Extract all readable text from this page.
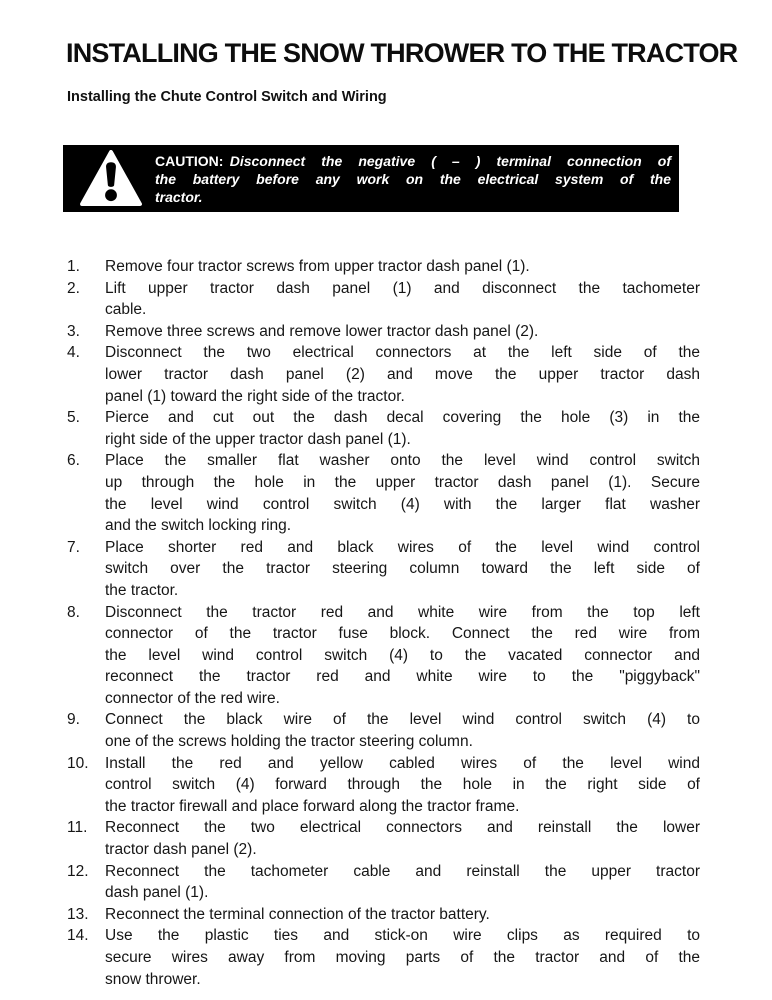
INSTALLING THE SNOW THROWER TO THE TRACTOR
Installing the Chute Control Switch and Wiring
CAUTION: Disconnect the negative ( – ) terminal connection of
the battery before any work on the electrical system of the
tractor.
1.	Remove four tractor screws from upper tractor dash panel (1).
2.	Lift upper tractor dash panel (1) and disconnect the tachometer
cable.
3.	Remove three screws and remove lower tractor dash panel (2).
4.	Disconnect the two electrical connectors at the left side of the
lower tractor dash panel (2) and move the upper tractor dash
panel (1) toward the right side of the tractor.
5.	Pierce and cut out the dash decal covering the hole (3) in the
right side of the upper tractor dash panel (1).
6.	Place the smaller flat washer onto the level wind control switch
up through the hole in the upper tractor dash panel (1). Secure
the level wind control switch (4) with the larger flat washer
and the switch locking ring.
7.	Place shorter red and black wires of the level wind control
switch over the tractor steering column toward the left side of
the tractor.
8.	Disconnect the tractor red and white wire from the top left
connector of the tractor fuse block. Connect the red wire from
the level wind control switch (4) to the vacated connector and
reconnect the tractor red and white wire to the "piggyback"
connector of the red wire.
9.	Connect the black wire of the level wind control switch (4) to
one of the screws holding the tractor steering column.
10.	Install the red and yellow cabled wires of the level wind
control switch (4) forward through the hole in the right side of
the tractor firewall and place forward along the tractor frame.
11.	Reconnect the two electrical connectors and reinstall the lower
tractor dash panel (2).
12.	Reconnect the tachometer cable and reinstall the upper tractor
dash panel (1).
13.	Reconnect the terminal connection of the tractor battery.
14.	Use the plastic ties and stick-on wire clips as required to
secure wires away from moving parts of the tractor and of the
snow thrower.
